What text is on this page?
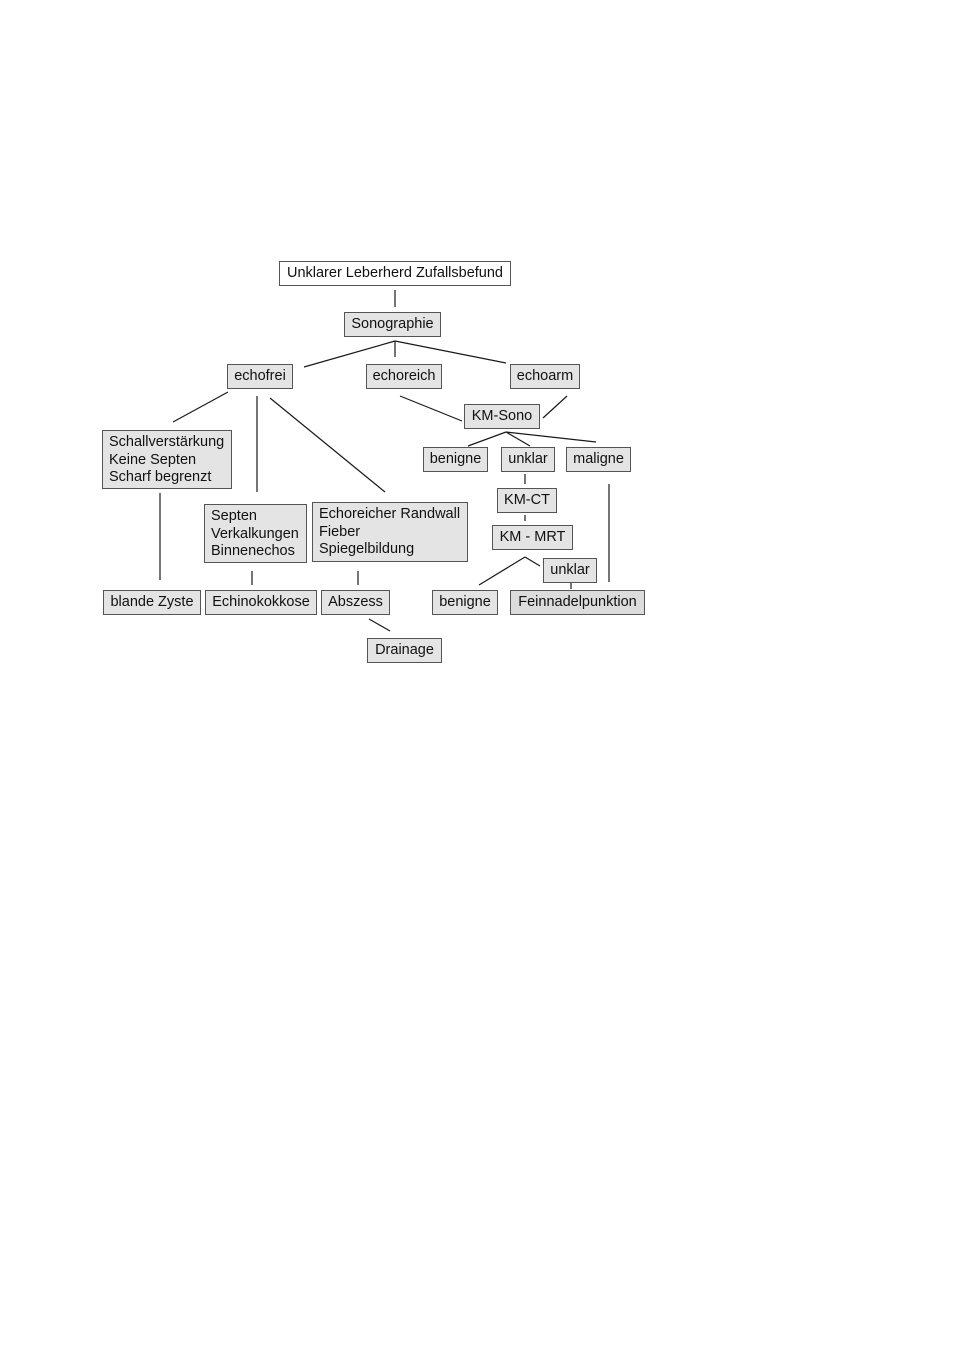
Unklarer Leberherd Zufallsbefund
Sonographie
echofrei	echoreich	echoarm
KM-Sono
Schallverstärkung
Keine Septen
Scharf begrenzt
benigne unklar maligne
KM-CT
Septen
Verkalkungen
Binnenechos
Echoreicher Randwall
Fieber
Spiegelbildung
KM - MRT
unklar
blande Zyste Echinokokkose Abszess	benigne Feinnadelpunktion
Drainage
